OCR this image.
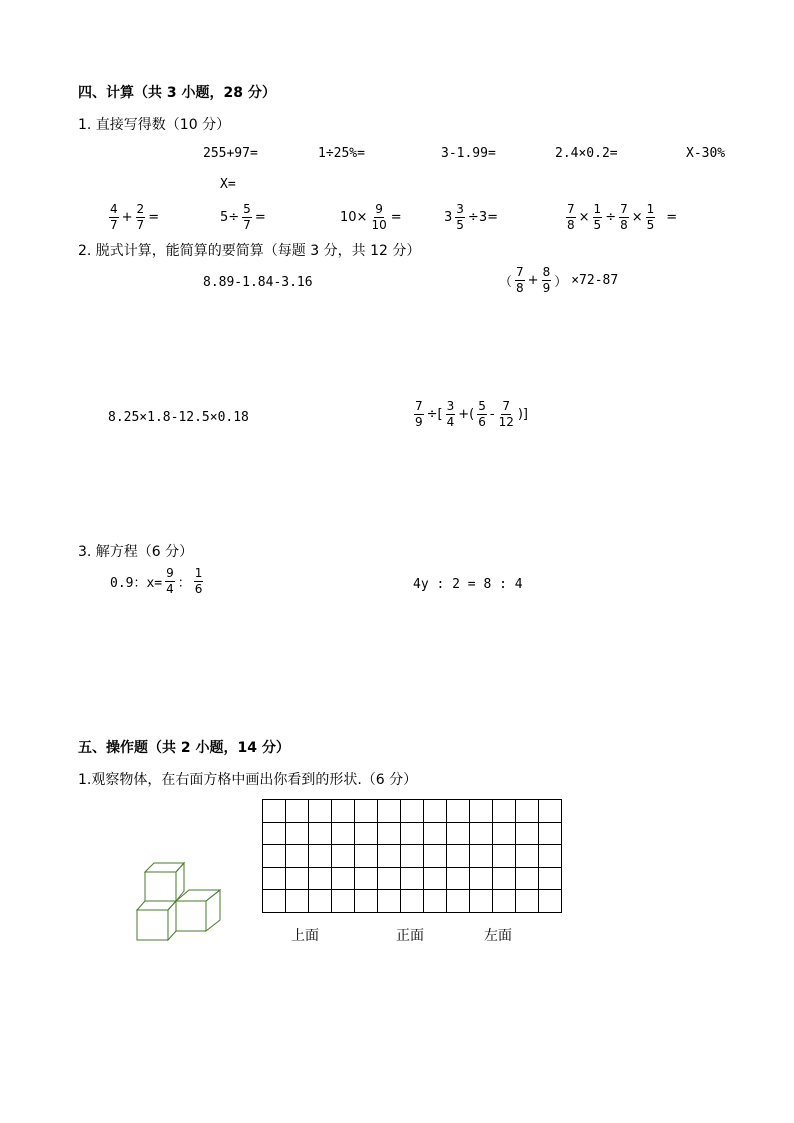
四、计算（共 3 小题，28 分）
1. 直接写得数（10 分）
255+97=	1÷25%=	3-1.99=	2.4×0.2=	X-30%
X=
$\frac{4}{7} + \frac{2}{7}$ =	$5\div \frac{5}{7}$ =	$10\times \frac{9}{10}$ =	$3 \frac{3}{5} \div 3=$	$\frac{7}{8} \times \frac{1}{5} \div \frac{7}{8} \times \frac{1}{5}$ =
2. 脱式计算，能简算的要简算（每题 3 分，共 12 分）
8.89-1.84-3.16	（ $\frac{7}{8} + \frac{8}{9}$ ） ×72-87
8.25×1.8-12.5×0.18	$\frac{7}{9}$ ÷[ $\frac{3}{4}$ +( $\frac{5}{6} - \frac{7}{12}$ )]
3. 解方程（6 分）
0.9：$x= \frac{9}{4}$ ： $\frac{1}{6}$	4y : 2 = 8 : 4
五、操作题（共 2 小题，14 分）
1.观察物体，在右面方格中画出你看到的形状.（6 分）
上面	正面	左面
